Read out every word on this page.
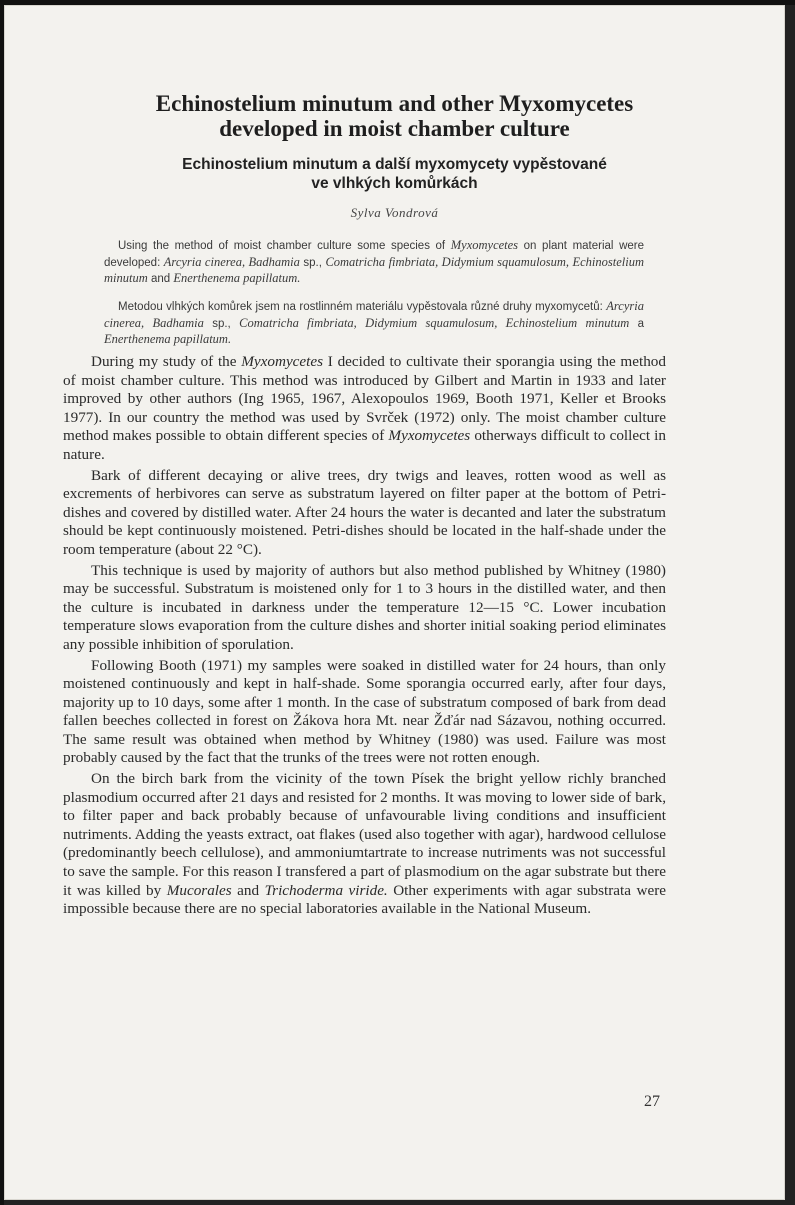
Echinostelium minutum and other Myxomycetes
developed in moist chamber culture
Echinostelium minutum a další myxomycety vypěstované
ve vlhkých komůrkách
Sylva Vondrová
Using the method of moist chamber culture some species of Myxomycetes on plant material were developed: Arcyria cinerea, Badhamia sp., Comatricha fimbriata, Didymium squamulosum, Echinostelium minutum and Enerthenema papillatum.
Metodou vlhkých komůrek jsem na rostlinném materiálu vypěstovala různé druhy myxomycetů: Arcyria cinerea, Badhamia sp., Comatricha fimbriata, Didymium squamulosum, Echinostelium minutum a Enerthenema papillatum.

During my study of the Myxomycetes I decided to cultivate their sporangia using the method of moist chamber culture. This method was introduced by Gilbert and Martin in 1933 and later improved by other authors (Ing 1965, 1967, Alexopoulos 1969, Booth 1971, Keller et Brooks 1977). In our country the method was used by Svrček (1972) only. The moist chamber culture method makes possible to obtain different species of Myxomycetes otherways difficult to collect in nature.

Bark of different decaying or alive trees, dry twigs and leaves, rotten wood as well as excrements of herbivores can serve as substratum layered on filter paper at the bottom of Petri-dishes and covered by distilled water. After 24 hours the water is decanted and later the substratum should be kept continuously moistened. Petri-dishes should be located in the half-shade under the room temperature (about 22 °C).

This technique is used by majority of authors but also method published by Whitney (1980) may be successful. Substratum is moistened only for 1 to 3 hours in the distilled water, and then the culture is incubated in darkness under the temperature 12—15 °C. Lower incubation temperature slows evaporation from the culture dishes and shorter initial soaking period eliminates any possible inhibition of sporulation.

Following Booth (1971) my samples were soaked in distilled water for 24 hours, than only moistened continuously and kept in half-shade. Some sporangia occurred early, after four days, majority up to 10 days, some after 1 month. In the case of substratum composed of bark from dead fallen beeches collected in forest on Žákova hora Mt. near Žďár nad Sázavou, nothing occurred. The same result was obtained when method by Whitney (1980) was used. Failure was most probably caused by the fact that the trunks of the trees were not rotten enough.

On the birch bark from the vicinity of the town Písek the bright yellow richly branched plasmodium occurred after 21 days and resisted for 2 months. It was moving to lower side of bark, to filter paper and back probably because of unfavourable living conditions and insufficient nutriments. Adding the yeasts extract, oat flakes (used also together with agar), hardwood cellulose (predominantly beech cellulose), and ammoniumtartrate to increase nutriments was not successful to save the sample. For this reason I transfered a part of plasmodium on the agar substrate but there it was killed by Mucorales and Trichoderma viride. Other experiments with agar substrata were impossible because there are no special laboratories available in the National Museum.

27
